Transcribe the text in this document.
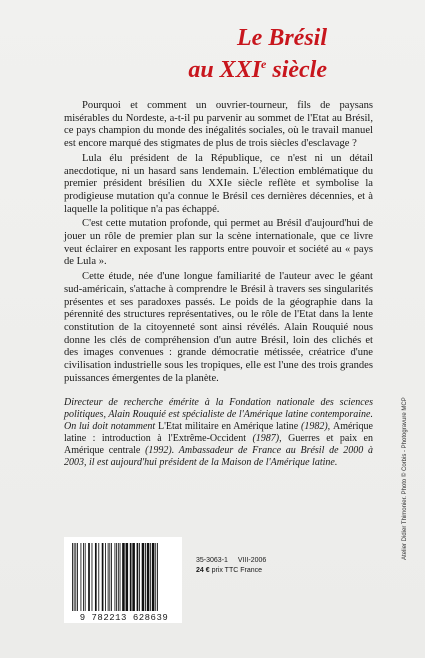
Le Brésil
au XXIe siècle

Pourquoi et comment un ouvrier-tourneur, fils de paysans misérables du Nordeste, a-t-il pu parvenir au sommet de l'Etat au Brésil, ce pays champion du monde des inégalités sociales, où le travail manuel est encore marqué des stigmates de plus de trois siècles d'esclavage ?

Lula élu président de la République, ce n'est ni un détail anecdotique, ni un hasard sans lendemain. L'élection emblématique du premier président brésilien du XXIe siècle reflète et symbolise la prodigieuse mutation qu'a connue le Brésil ces dernières décennies, et à laquelle la politique n'a pas échappé.

C'est cette mutation profonde, qui permet au Brésil d'aujourd'hui de jouer un rôle de premier plan sur la scène internationale, que ce livre veut éclairer en exposant les rapports entre pouvoir et société au « pays de Lula ».

Cette étude, née d'une longue familiarité de l'auteur avec le géant sud-américain, s'attache à comprendre le Brésil à travers ses singularités présentes et ses paradoxes passés. Le poids de la géographie dans la pérennité des structures représentatives, ou le rôle de l'Etat dans la lente constitution de la citoyenneté sont ainsi révélés. Alain Rouquié nous donne les clés de compréhension d'un autre Brésil, loin des clichés et des images convenues : grande démocratie métissée, créatrice d'une civilisation industrielle sous les tropiques, elle est l'une des trois grandes puissances émergentes de la planète.

Directeur de recherche émérite à la Fondation nationale des sciences politiques, Alain Rouquié est spécialiste de l'Amérique latine contemporaine. On lui doit notamment L'Etat militaire en Amérique latine (1982), Amérique latine : introduction à l'Extrême-Occident (1987), Guerres et paix en Amérique centrale (1992). Ambassadeur de France au Brésil de 2000 à 2003, il est aujourd'hui président de la Maison de l'Amérique latine.

9 782213 628639
35-3063-1 VIII-2006
24 € prix TTC France
Atelier Didier Thimonier. Photo © Corbis - Photogravure MCP
